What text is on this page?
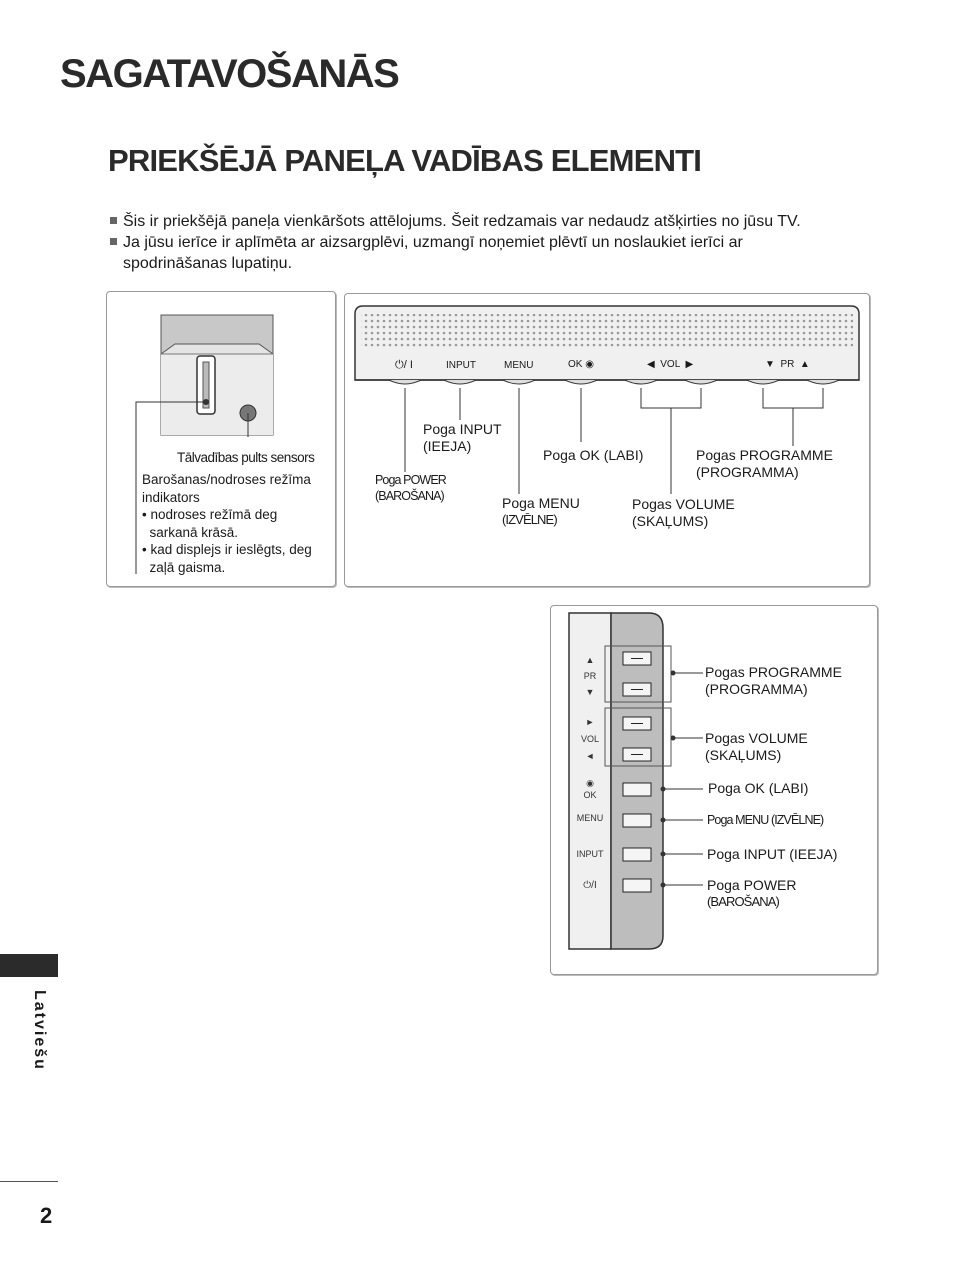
SAGATAVOŠANĀS
PRIEKŠĒJĀ PANEĻA VADĪBAS ELEMENTI
Šis ir priekšējā paneļa vienkāršots attēlojums. Šeit redzamais var nedaudz atšķirties no jūsu TV.
Ja jūsu ierīce ir aplīmēta ar aizsargplēvi, uzmangī noņemiet plēvtī un noslaukiet ierīci ar
spodrināšanas lupatiņu.
Tālvadības pults sensors
Barošanas/nodroses režīma
indikators
• nodroses režīmā deg
sarkanā krāsā.
• kad displejs ir ieslēgts, deg
zaļā gaisma.
⏻/ I	INPUT	MENU	OK ◉	◀  VOL  ▶	▼  PR  ▲
Poga POWER
(BAROŠANA)
Poga INPUT
(IEEJA)
Poga MENU
(IZVĒLNE)
Poga OK (LABI)
Pogas VOLUME
(SKAĻUMS)
Pogas PROGRAMME
(PROGRAMMA)
▲
PR
▼
►
VOL
◄
◉
OK
MENU
INPUT
⏻/I
Pogas PROGRAMME
(PROGRAMMA)
Pogas VOLUME
(SKAĻUMS)
Poga OK (LABI)
Poga MENU (IZVĒLNE)
Poga INPUT (IEEJA)
Poga POWER
(BAROŠANA)
Latviešu
2
